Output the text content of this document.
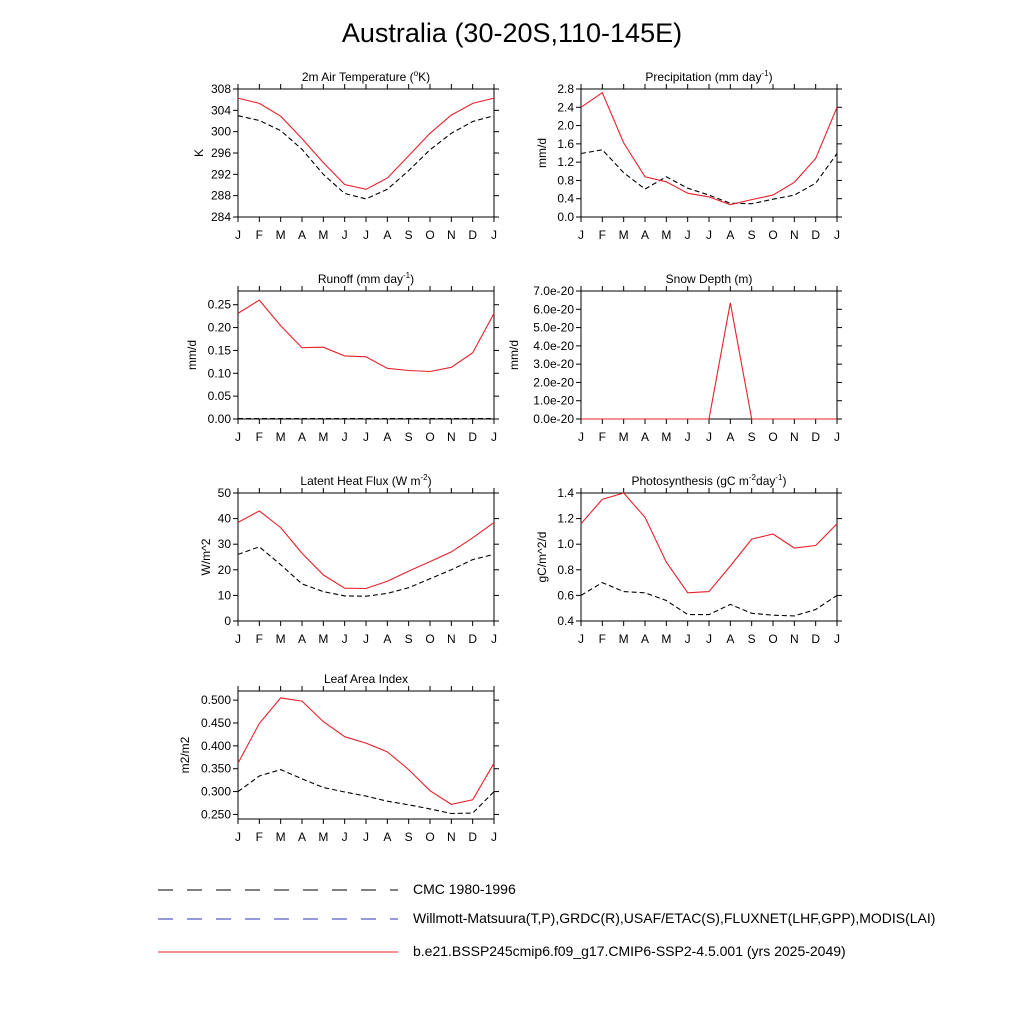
Australia (30-20S,110-145E)
2m Air Temperature ($^o$K)
284
288
292
296
300
304
308
K
J F M A M J J A S O N D J
Precipitation (mm day$^{-1}$)
0.0
0.4
0.8
1.2
1.6
2.0
2.4
2.8
mm/d
J F M A M J J A S O N D J
Runoff (mm day$^{-1}$)
0.00
0.05
0.10
0.15
0.20
0.25
mm/d
J F M A M J J A S O N D J
Snow Depth (m)
0.0e-20
1.0e-20
2.0e-20
3.0e-20
4.0e-20
5.0e-20
6.0e-20
7.0e-20
mm/d
J F M A M J J A S O N D J
Latent Heat Flux (W $m^{-2}$)
0
10
20
30
40
50
W/m^2
J F M A M J J A S O N D J
Photosynthesis (gC $m^{-2}day^{-1}$)
0.4
0.6
0.8
1.0
1.2
1.4
gC/m^2/d
J F M A M J J A S O N D J
Leaf Area Index
0.250
0.300
0.350
0.400
0.450
0.500
m2/m2
J F M A M J J A S O N D J
CMC 1980-1996
Willmott-Matsuura(T,P),GRDC(R),USAF/ETAC(S),FLUXNET(LHF,GPP),MODIS(LAI)
b.e21.BSSP245cmip6.f09_g17.CMIP6-SSP2-4.5.001 (yrs 2025-2049)
